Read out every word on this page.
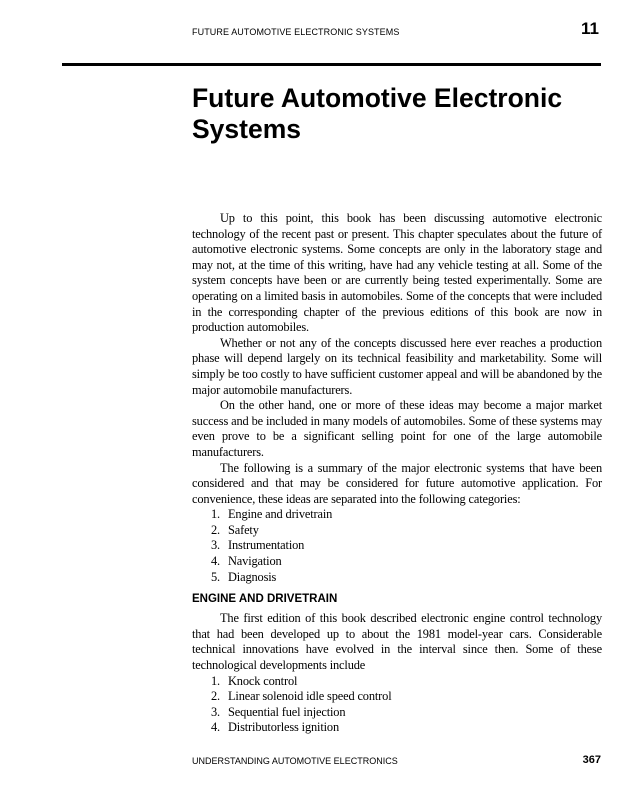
FUTURE AUTOMOTIVE ELECTRONIC SYSTEMS	11
Future Automotive Electronic
Systems

Up to this point, this book has been discussing automotive electronic technology of the recent past or present. This chapter speculates about the future of automotive electronic systems. Some concepts are only in the laboratory stage and may not, at the time of this writing, have had any vehicle testing at all. Some of the system concepts have been or are currently being tested experimentally. Some are operating on a limited basis in automobiles. Some of the concepts that were included in the corresponding chapter of the previous editions of this book are now in production automobiles.

Whether or not any of the concepts discussed here ever reaches a production phase will depend largely on its technical feasibility and marketability. Some will simply be too costly to have sufficient customer appeal and will be abandoned by the major automobile manufacturers.

On the other hand, one or more of these ideas may become a major market success and be included in many models of automobiles. Some of these systems may even prove to be a significant selling point for one of the large automobile manufacturers.

The following is a summary of the major electronic systems that have been considered and that may be considered for future automotive application. For convenience, these ideas are separated into the following categories:

1. Engine and drivetrain
2. Safety
3. Instrumentation
4. Navigation
5. Diagnosis
ENGINE AND DRIVETRAIN

The first edition of this book described electronic engine control technology that had been developed up to about the 1981 model-year cars. Considerable technical innovations have evolved in the interval since then. Some of these technological developments include

1. Knock control
2. Linear solenoid idle speed control
3. Sequential fuel injection
4. Distributorless ignition
UNDERSTANDING AUTOMOTIVE ELECTRONICS	367
